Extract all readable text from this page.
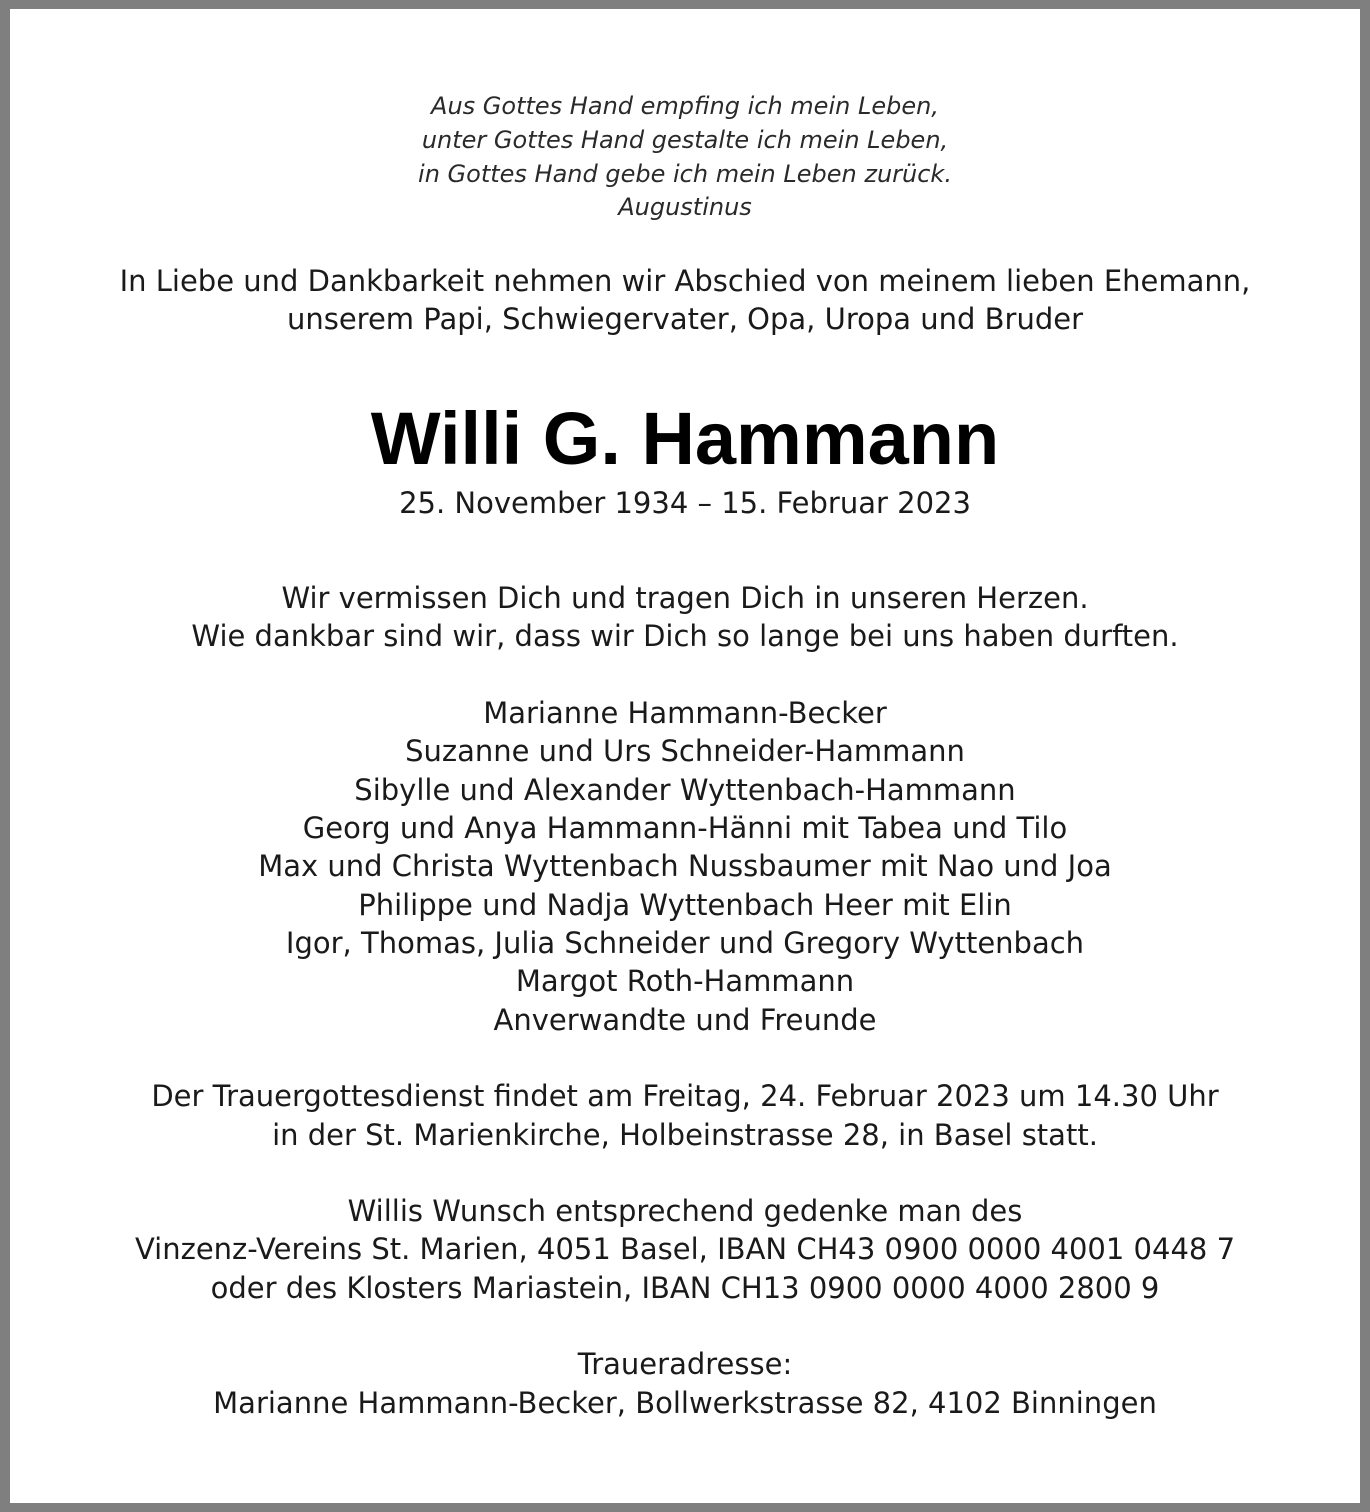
Aus Gottes Hand empfing ich mein Leben,
unter Gottes Hand gestalte ich mein Leben,
in Gottes Hand gebe ich mein Leben zurück.
Augustinus
In Liebe und Dankbarkeit nehmen wir Abschied von meinem lieben Ehemann,
unserem Papi, Schwiegervater, Opa, Uropa und Bruder
Willi G. Hammann
25. November 1934 – 15. Februar 2023
Wir vermissen Dich und tragen Dich in unseren Herzen.
Wie dankbar sind wir, dass wir Dich so lange bei uns haben durften.
Marianne Hammann-Becker
Suzanne und Urs Schneider-Hammann
Sibylle und Alexander Wyttenbach-Hammann
Georg und Anya Hammann-Hänni mit Tabea und Tilo
Max und Christa Wyttenbach Nussbaumer mit Nao und Joa
Philippe und Nadja Wyttenbach Heer mit Elin
Igor, Thomas, Julia Schneider und Gregory Wyttenbach
Margot Roth-Hammann
Anverwandte und Freunde
Der Trauergottesdienst findet am Freitag, 24. Februar 2023 um 14.30 Uhr
in der St. Marienkirche, Holbeinstrasse 28, in Basel statt.
Willis Wunsch entsprechend gedenke man des
Vinzenz-Vereins St. Marien, 4051 Basel, IBAN CH43 0900 0000 4001 0448 7
oder des Klosters Mariastein, IBAN CH13 0900 0000 4000 2800 9
Traueradresse:
Marianne Hammann-Becker, Bollwerkstrasse 82, 4102 Binningen
